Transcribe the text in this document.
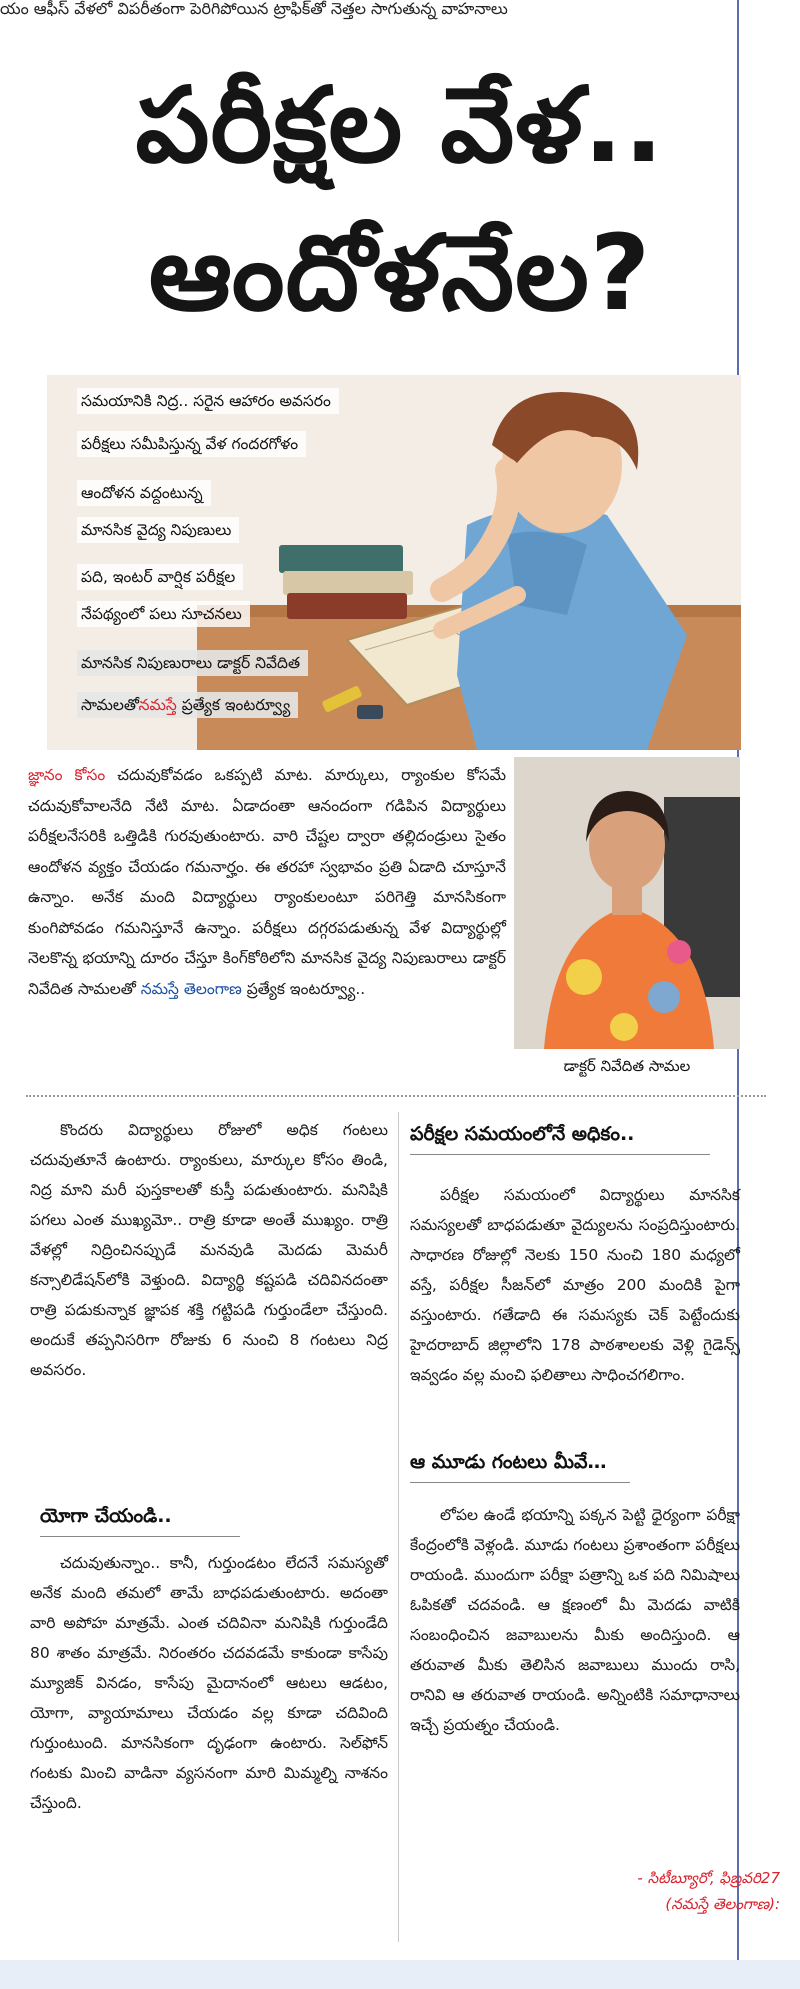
యం ఆఫీస్ వేళ‌లో విప‌రీతంగా పెరిగిపోయిన ట్రాఫిక్‌తో నెత్త‌ల సాగుతున్న వాహ‌నాలు
పరీక్షల వేళ..
ఆందోళనేల?
సమయానికి నిద్ర.. సరైన ఆహారం అవసరం
పరీక్షలు సమీపిస్తున్న వేళ గందరగోళం
ఆందోళన వద్దంటున్న
మానసిక వైద్య నిపుణులు
పది, ఇంటర్ వార్షిక పరీక్షల
నేపథ్యంలో పలు సూచనలు
మానసిక నిపుణురాలు డాక్టర్ నివేదిత
సామలతోనమస్తే ప్రత్యేక ఇంటర్వ్యూ
జ్ఞానం కోసం చదువుకోవడం ఒకప్పటి మాట. మార్కులు, ర్యాంకుల కోసమే చదువుకోవాలనేది నేటి మాట. ఏడాదంతా ఆనందంగా గడిపిన విద్యార్థులు పరీక్షలనేసరికి ఒత్తిడికి గురవుతుంటారు. వారి చేష్టల ద్వారా తల్లిదండ్రులు సైతం ఆందోళన వ్యక్తం చేయడం గమనార్హం. ఈ తరహా స్వభావం ప్రతి ఏడాది చూస్తూనే ఉన్నాం. అనేక మంది విద్యార్థులు ర్యాంకులంటూ పరిగెత్తి మానసికంగా కుంగిపోవడం గమనిస్తూనే ఉన్నాం. పరీక్షలు దగ్గరపడుతున్న వేళ విద్యార్థుల్లో నెలకొన్న భయాన్ని దూరం చేస్తూ కింగ్‌కోఠిలోని మానసిక వైద్య నిపుణురాలు డాక్టర్ నివేదిత సామలతో నమస్తే తెలంగాణ ప్రత్యేక ఇంటర్వ్యూ..
డాక్టర్ నివేదిత సామల

కొందరు విద్యార్థులు రోజులో అధిక గంటలు చదువుతూనే ఉంటారు. ర్యాంకులు, మార్కుల కోసం తిండి, నిద్ర మాని మరీ పుస్తకాలతో కుస్తీ పడుతుంటారు. మనిషికి పగలు ఎంత ముఖ్యమో.. రాత్రి కూడా అంతే ముఖ్యం. రాత్రి వేళల్లో నిద్రించినప్పుడే మనవుడి మెదడు మెమరీ కన్సాలిడేషన్‌లోకి వెళ్తుంది. విద్యార్థి కష్టపడి చదివినదంతా రాత్రి పడుకున్నాక జ్ఞాపక శక్తి గట్టిపడి గుర్తుండేలా చేస్తుంది. అందుకే తప్పనిసరిగా రోజుకు 6 నుంచి 8 గంటలు నిద్ర అవసరం.

యోగా చేయండి..

చదువుతున్నాం.. కానీ, గుర్తుండటం లేదనే సమస్యతో అనేక మంది తమలో తామే బాధపడుతుంటారు. అదంతా వారి అపోహ మాత్రమే. ఎంత చదివినా మనిషికి గుర్తుండేది 80 శాతం మాత్రమే. నిరంతరం చదవడమే కాకుండా కాసేపు మ్యూజిక్ వినడం, కాసేపు మైదానంలో ఆటలు ఆడటం, యోగా, వ్యాయామాలు చేయడం వల్ల కూడా చదివింది గుర్తుంటుంది. మానసికంగా దృఢంగా ఉంటారు. సెల్‌ఫోన్ గంటకు మించి వాడినా వ్యసనంగా మారి మిమ్మల్ని నాశనం చేస్తుంది.

పరీక్షల సమయంలోనే అధికం..

పరీక్షల సమయంలో విద్యార్థులు మానసిక సమస్యలతో బాధపడుతూ వైద్యులను సంప్రదిస్తుంటారు. సాధారణ రోజుల్లో నెలకు 150 నుంచి 180 మధ్యలో వస్తే, పరీక్షల సీజన్‌లో మాత్రం 200 మందికి పైగా వస్తుంటారు. గతేడాది ఈ సమస్యకు చెక్ పెట్టేందుకు హైదరాబాద్ జిల్లాలోని 178 పాఠశాలలకు వెళ్లి గైడెన్స్ ఇవ్వడం వల్ల మంచి ఫలితాలు సాధించగలిగాం.

ఆ మూడు గంటలు మీవే…

లోపల ఉండే భయాన్ని పక్కన పెట్టి ధైర్యంగా పరీక్షా కేంద్రంలోకి వెళ్లండి. మూడు గంటలు ప్రశాంతంగా పరీక్షలు రాయండి. ముందుగా పరీక్షా పత్రాన్ని ఒక పది నిమిషాలు ఓపికతో చదవండి. ఆ క్షణంలో మీ మెదడు వాటికి సంబంధించిన జవాబులను మీకు అందిస్తుంది. ఆ తరువాత మీకు తెలిసిన జవాబులు ముందు రాసి, రానివి ఆ తరువాత రాయండి. అన్నింటికి సమాధానాలు ఇచ్చే ప్రయత్నం చేయండి.

- సిటీబ్యూరో, ఫిబ్రవరి27
(నమస్తే తెలంగాణ):
